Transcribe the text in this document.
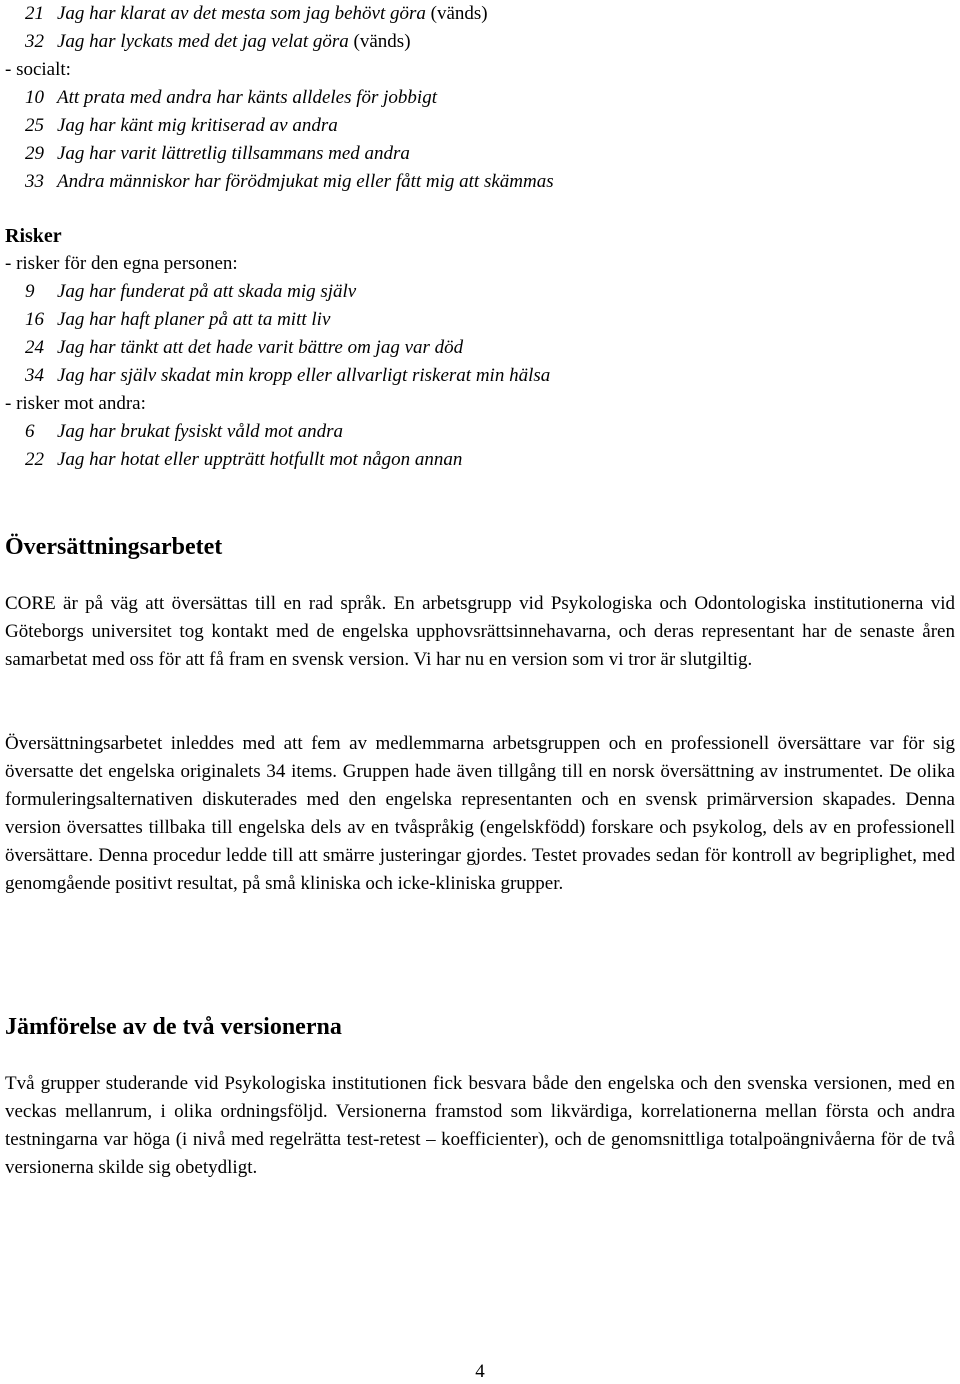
21 Jag har klarat av det mesta som jag behövt göra (vänds)
32 Jag har lyckats med det jag velat göra (vänds)
- socialt:
10 Att prata med andra har känts alldeles för jobbigt
25 Jag har känt mig kritiserad av andra
29 Jag har varit lättretlig tillsammans med andra
33 Andra människor har förödmjukat mig eller fått mig att skämmas
Risker
- risker för den egna personen:
9 Jag har funderat på att skada mig själv
16 Jag har haft planer på att ta mitt liv
24 Jag har tänkt att det hade varit bättre om jag var död
34 Jag har själv skadat min kropp eller allvarligt riskerat min hälsa
- risker mot andra:
6 Jag har brukat fysiskt våld mot andra
22 Jag har hotat eller uppträtt hotfullt mot någon annan
Översättningsarbetet
CORE är på väg att översättas till en rad språk. En arbetsgrupp vid Psykologiska och Odontologiska institutionerna vid Göteborgs universitet tog kontakt med de engelska upphovsrättsinnehavarna, och deras representant har de senaste åren samarbetat med oss för att få fram en svensk version. Vi har nu en version som vi tror är slutgiltig.
Översättningsarbetet inleddes med att fem av medlemmarna arbetsgruppen och en professionell översättare var för sig översatte det engelska originalets 34 items. Gruppen hade även tillgång till en norsk översättning av instrumentet. De olika formuleringsalternativen diskuterades med den engelska representanten och en svensk primärversion skapades. Denna version översattes tillbaka till engelska dels av en tvåspråkig (engelskfödd) forskare och psykolog, dels av en professionell översättare. Denna procedur ledde till att smärre justeringar gjordes. Testet provades sedan för kontroll av begriplighet, med genomgående positivt resultat, på små kliniska och icke-kliniska grupper.
Jämförelse av de två versionerna
Två grupper studerande vid Psykologiska institutionen fick besvara både den engelska och den svenska versionen, med en veckas mellanrum, i olika ordningsföljd. Versionerna framstod som likvärdiga, korrelationerna mellan första och andra testningarna var höga (i nivå med regelrätta test-retest – koefficienter), och de genomsnittliga totalpoängnivåerna för de två versionerna skilde sig obetydligt.
4
